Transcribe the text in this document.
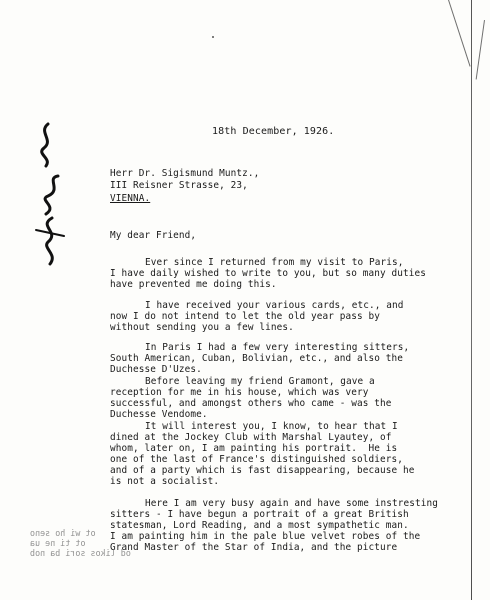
18th December, 1926.
Herr Dr. Sigismund Muntz.,
III Reisner Strasse, 23,
VIENNA.
My dear Friend,
Ever since I returned from my visit to Paris,
I have daily wished to write to you, but so many duties
have prevented me doing this.
I have received your various cards, etc., and
now I do not intend to let the old year pass by
without sending you a few lines.
In Paris I had a few very interesting sitters,
South American, Cuban, Bolivian, etc., and also the
Duchesse D'Uzes.
Before leaving my friend Gramont, gave a
reception for me in his house, which was very
successful, and amongst others who came - was the
Duchesse Vendome.
It will interest you, I know, to hear that I
dined at the Jockey Club with Marshal Lyautey, of
whom, later on, I am painting his portrait.  He is
one of the last of France's distinguished soldiers,
and of a party which is fast disappearing, because he
is not a socialist.
Here I am very busy again and have some instresting
sitters - I have begun a portrait of a great British
statesman, Lord Reading, and a most sympathetic man.
I am painting him in the pale blue velvet robes of the
Grand Master of the Star of India, and the picture
ot wi ho seno
ot ti ne ua
od likos sori ba nob
